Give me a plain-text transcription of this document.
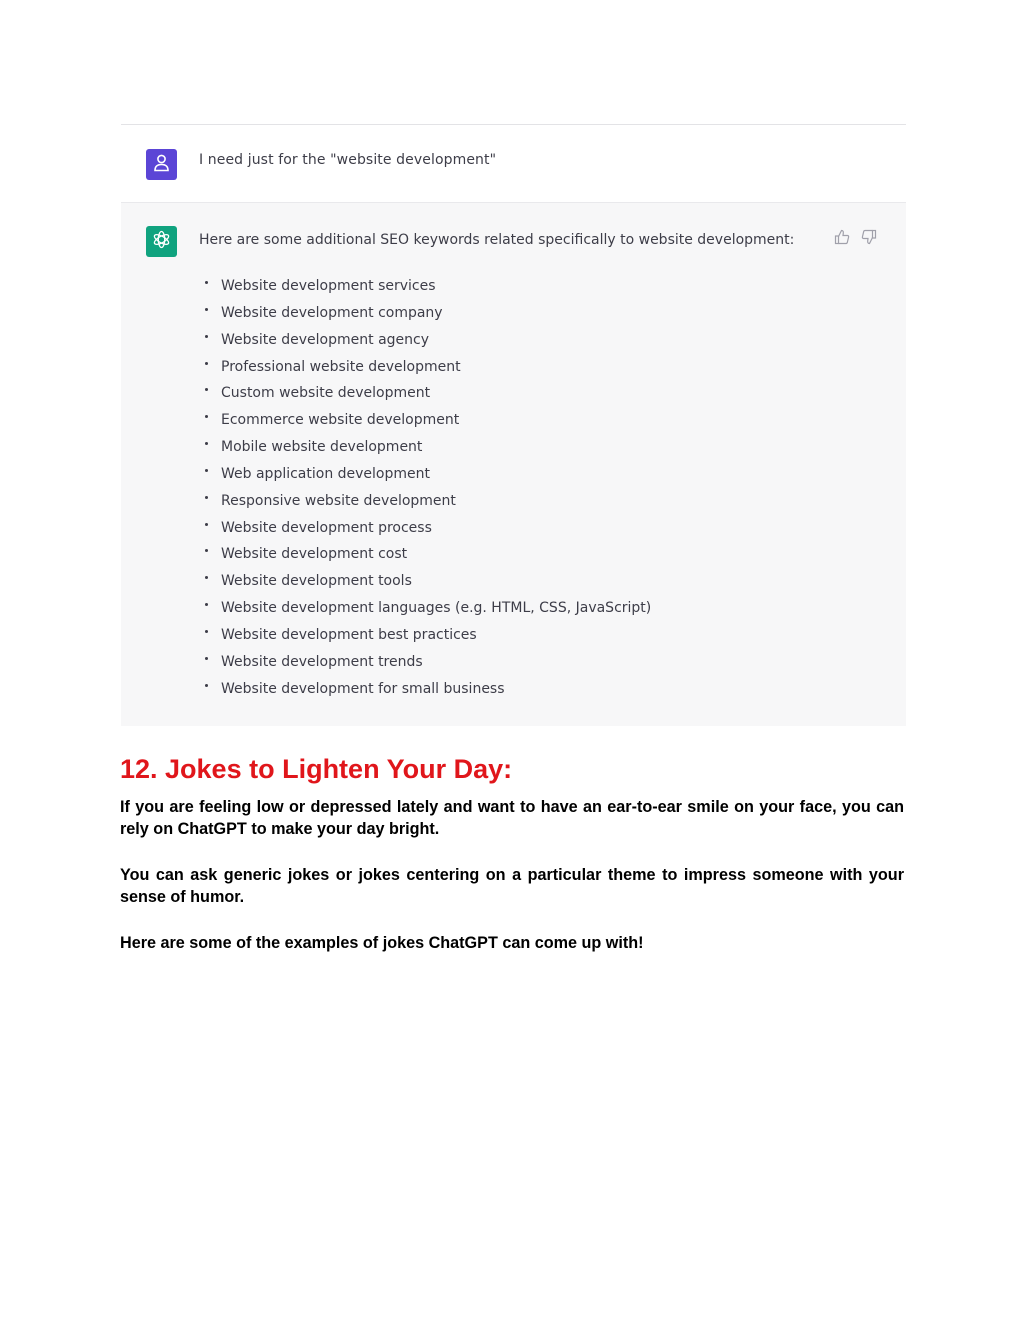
I need just for the "website development"
Here are some additional SEO keywords related specifically to website development:
Website development services
Website development company
Website development agency
Professional website development
Custom website development
Ecommerce website development
Mobile website development
Web application development
Responsive website development
Website development process
Website development cost
Website development tools
Website development languages (e.g. HTML, CSS, JavaScript)
Website development best practices
Website development trends
Website development for small business
12. Jokes to Lighten Your Day:

If you are feeling low or depressed lately and want to have an ear-to-ear smile on your face, you can rely on ChatGPT to make your day bright.

You can ask generic jokes or jokes centering on a particular theme to impress someone with your sense of humor.

Here are some of the examples of jokes ChatGPT can come up with!
